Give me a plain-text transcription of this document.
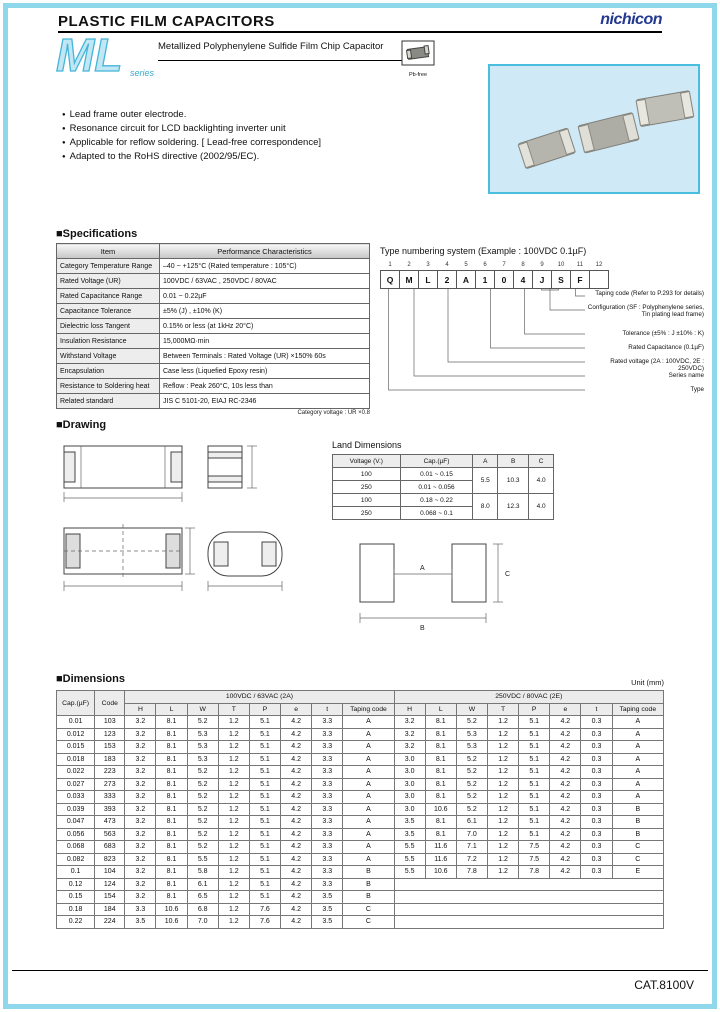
PLASTIC FILM CAPACITORS	nichicon
ML series
Metallized Polyphenylene Sulfide Film Chip Capacitor
Pb-free
● Lead frame outer electrode.
● Resonance circuit for LCD backlighting inverter unit
● Applicable for reflow soldering. [ Lead-free correspondence]
● Adapted to the RoHS directive (2002/95/EC).
■Specifications
Item	Performance Characteristics
Category Temperature Range	–40 ~ +125°C (Rated temperature : 105°C)
Rated Voltage (UR)	100VDC / 63VAC , 250VDC / 80VAC
Rated Capacitance Range	0.01 ~ 0.22µF
Capacitance Tolerance	±5% (J) , ±10% (K)
Dielectric loss Tangent	0.15% or less (at 1kHz 20°C)
Insulation Resistance	15,000MΩ·min
Withstand Voltage	Between Terminals : Rated Voltage (UR) ×150% 60s
Encapsulation	Case less (Liquefied Epoxy resin)
Resistance to Soldering heat	Reflow : Peak 260°C, 10s less than
Related standard	JIS C 5101-20, EIAJ RC-2346
Category voltage : UR ×0.8
Type numbering system (Example : 100VDC 0.1µF)
1	2	3	4	5	6	7	8	9	10	11	12
Q	M	L	2	A	1	0	4	J	S	F	
Taping code (Refer to P.293 for details)
Configuration (SF : Polyphenylene series, Tin plating lead frame)
Tolerance (±5% : J ±10% : K)
Rated Capacitance (0.1µF)
Rated voltage (2A : 100VDC, 2E : 250VDC)
Series name
Type
■Drawing
Land Dimensions
Voltage (V.)	Cap.(µF)	A	B	C
100	0.01 ~ 0.15	5.5	10.3	4.0
250	0.01 ~ 0.056			
100	0.18 ~ 0.22	8.0	12.3	4.0
250	0.068 ~ 0.1			
A
B
C
■Dimensions	Unit (mm)
Cap.(µF)	Code	100VDC / 63VAC (2A)								250VDC / 80VAC (2E)							
		H	L	W	T	P	e	t	Taping code	H	L	W	T	P	e	t	Taping code
0.01	103	3.2	8.1	5.2	1.2	5.1	4.2	3.3	A	3.2	8.1	5.2	1.2	5.1	4.2	0.3	A
0.012	123	3.2	8.1	5.3	1.2	5.1	4.2	3.3	A	3.2	8.1	5.3	1.2	5.1	4.2	0.3	A
0.015	153	3.2	8.1	5.3	1.2	5.1	4.2	3.3	A	3.2	8.1	5.3	1.2	5.1	4.2	0.3	A
0.018	183	3.2	8.1	5.3	1.2	5.1	4.2	3.3	A	3.0	8.1	5.2	1.2	5.1	4.2	0.3	A
0.022	223	3.2	8.1	5.2	1.2	5.1	4.2	3.3	A	3.0	8.1	5.2	1.2	5.1	4.2	0.3	A
0.027	273	3.2	8.1	5.2	1.2	5.1	4.2	3.3	A	3.0	8.1	5.2	1.2	5.1	4.2	0.3	A
0.033	333	3.2	8.1	5.2	1.2	5.1	4.2	3.3	A	3.0	8.1	5.2	1.2	5.1	4.2	0.3	A
0.039	393	3.2	8.1	5.2	1.2	5.1	4.2	3.3	A	3.0	10.6	5.2	1.2	5.1	4.2	0.3	B
0.047	473	3.2	8.1	5.2	1.2	5.1	4.2	3.3	A	3.5	8.1	6.1	1.2	5.1	4.2	0.3	B
0.056	563	3.2	8.1	5.2	1.2	5.1	4.2	3.3	A	3.5	8.1	7.0	1.2	5.1	4.2	0.3	B
0.068	683	3.2	8.1	5.2	1.2	5.1	4.2	3.3	A	5.5	11.6	7.1	1.2	7.5	4.2	0.3	C
0.082	823	3.2	8.1	5.5	1.2	5.1	4.2	3.3	A	5.5	11.6	7.2	1.2	7.5	4.2	0.3	C
0.1	104	3.2	8.1	5.8	1.2	5.1	4.2	3.3	B	5.5	10.6	7.8	1.2	7.8	4.2	0.3	E
0.12	124	3.2	8.1	6.1	1.2	5.1	4.2	3.3	B								
0.15	154	3.2	8.1	6.5	1.2	5.1	4.2	3.5	B								
0.18	184	3.3	10.6	6.8	1.2	7.6	4.2	3.5	C								
0.22	224	3.5	10.6	7.0	1.2	7.6	4.2	3.5	C								
CAT.8100V
